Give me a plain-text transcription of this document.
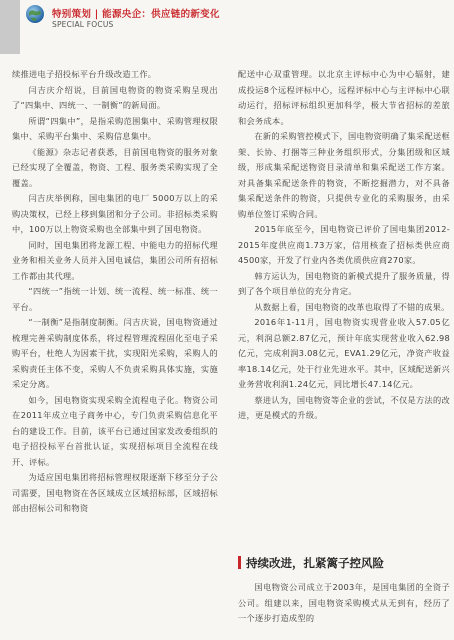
特别策划 | 能源央企：供应链的新变化
SPECIAL FOCUS

续推进电子招投标平台升级改造工作。

闫吉庆介绍说，目前国电物资的物资采购呈现出了“四集中、四统一、一制衡”的新局面。

所谓“四集中”，是指采购范围集中、采购管理权限集中、采购平台集中、采购信息集中。

《能源》杂志记者获悉，目前国电物资的服务对象已经实现了全覆盖，物资、工程、服务类采购实现了全覆盖。

闫吉庆举例称，国电集团的电厂 5000万以上的采购决策权，已经上移到集团和分子公司。非招标类采购中，100万以上物资采购也全部集中到了国电物资。

同时，国电集团将龙源工程、中能电力的招标代理业务和相关业务人员并入国电诚信，集团公司所有招标工作都由其代理。

“四统一”指统一计划、统一流程、统一标准、统一平台。

“一制衡”是指制度制衡。闫吉庆说，国电物资通过梳理完善采购制度体系，将过程管理流程固化至电子采购平台，杜绝人为因素干扰，实现阳光采购，采购人的采购责任主体不变，采购人不负责采购具体实施，实施采定分离。

如今，国电物资实现采购全流程电子化。物资公司在2011年成立电子商务中心，专门负责采购信息化平台的建设工作。目前，该平台已通过国家发改委组织的电子招投标平台首批认证，实现招标项目全流程在线开、评标。

为适应国电集团将招标管理权限逐渐下移至分子公司需要，国电物资在各区域成立区域招标部，区域招标部由招标公司和物资

配送中心双重管理。以北京主评标中心为中心辐射，建成投运8个远程评标中心，远程评标中心与主评标中心联动运行，招标评标组织更加科学，极大节省招标的差旅和会务成本。

在新的采购管控模式下，国电物资明确了集采配送框架、长协、打捆等三种业务组织形式，分集团级和区域级，形成集采配送物资目录清单和集采配送工作方案。对具备集采配送条件的物资，不断挖掘潜力，对不具备集采配送条件的物资，只提供专业化的采购服务，由采购单位签订采购合同。

2015年底至今，国电物资已评价了国电集团2012-2015年度供应商1.73万家，信用核查了招标类供应商4500家，开发了行业内各类优质供应商270家。

韩方运认为，国电物资的新模式提升了服务质量，得到了各个项目单位的充分肯定。

从数据上看，国电物资的改革也取得了不错的成果。

2016年1-11月，国电物资实现营业收入57.05亿元，利润总额2.87亿元，预计年底实现营业收入62.98亿元，完成利润3.08亿元，EVA1.29亿元，净资产收益率18.14亿元，处于行业先进水平。其中，区域配送新兴业务营收利润1.24亿元，同比增长47.14亿元。

蔡进认为，国电物资等企业的尝试，不仅是方法的改进，更是模式的升级。

持续改进，扎紧篱子控风险

国电物资公司成立于2003年，是国电集团的全资子公司。组建以来，国电物资采购模式从无到有，经历了一个逐步打造成型的
